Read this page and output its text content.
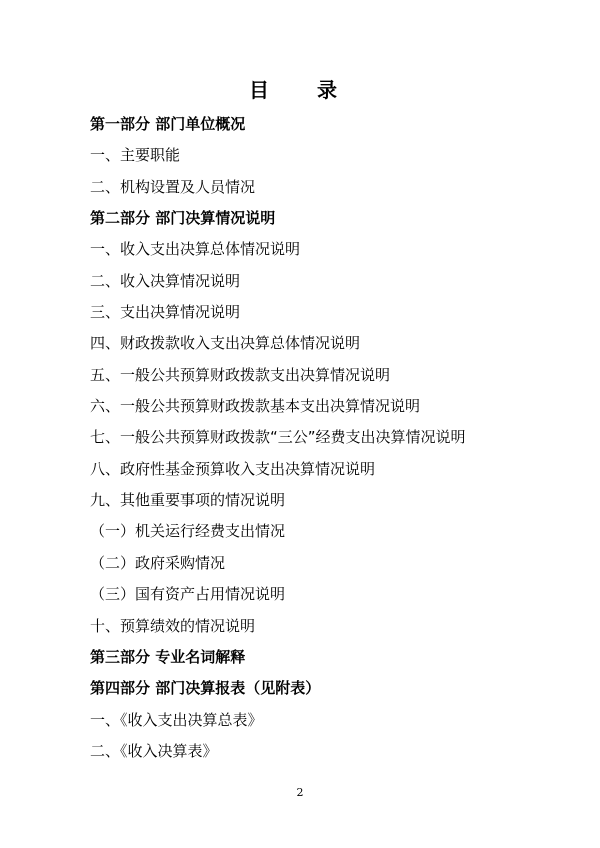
目　录
第一部分 部门单位概况
一、主要职能
二、机构设置及人员情况
第二部分 部门决算情况说明
一、收入支出决算总体情况说明
二、收入决算情况说明
三、支出决算情况说明
四、财政拨款收入支出决算总体情况说明
五、一般公共预算财政拨款支出决算情况说明
六、一般公共预算财政拨款基本支出决算情况说明
七、一般公共预算财政拨款“三公”经费支出决算情况说明
八、政府性基金预算收入支出决算情况说明
九、其他重要事项的情况说明
（一）机关运行经费支出情况
（二）政府采购情况
（三）国有资产占用情况说明
十、预算绩效的情况说明
第三部分 专业名词解释
第四部分 部门决算报表（见附表）
一、《收入支出决算总表》
二、《收入决算表》
2
